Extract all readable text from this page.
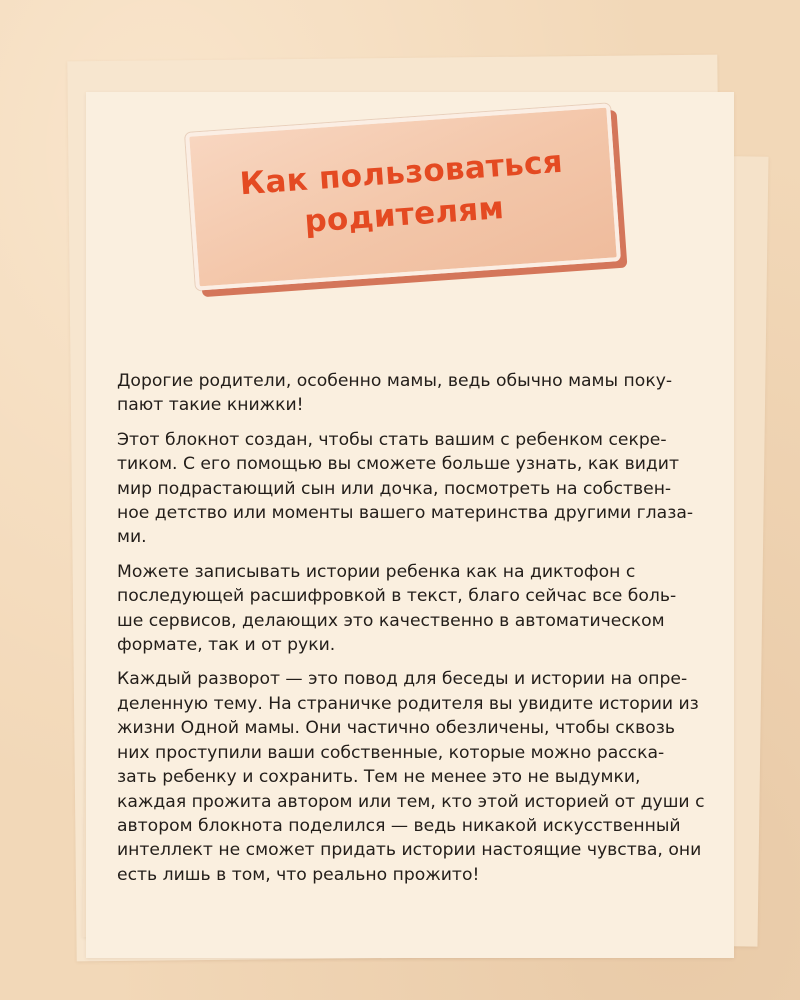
Как пользоваться
родителям

Дорогие родители, особенно мамы, ведь обычно мамы поку-
пают такие книжки!

Этот блокнот создан, чтобы стать вашим с ребенком секре-
тиком. С его помощью вы сможете больше узнать, как видит
мир подрастающий сын или дочка, посмотреть на собствен-
ное детство или моменты вашего материнства другими глаза-
ми.

Можете записывать истории ребенка как на диктофон с
последующей расшифровкой в текст, благо сейчас все боль-
ше сервисов, делающих это качественно в автоматическом
формате, так и от руки.

Каждый разворот — это повод для беседы и истории на опре-
деленную тему. На страничке родителя вы увидите истории из
жизни Одной мамы. Они частично обезличены, чтобы сквозь
них проступили ваши собственные, которые можно расска-
зать ребенку и сохранить. Тем не менее это не выдумки,
каждая прожита автором или тем, кто этой историей от души с
автором блокнота поделился — ведь никакой искусственный
интеллект не сможет придать истории настоящие чувства, они
есть лишь в том, что реально прожито!
